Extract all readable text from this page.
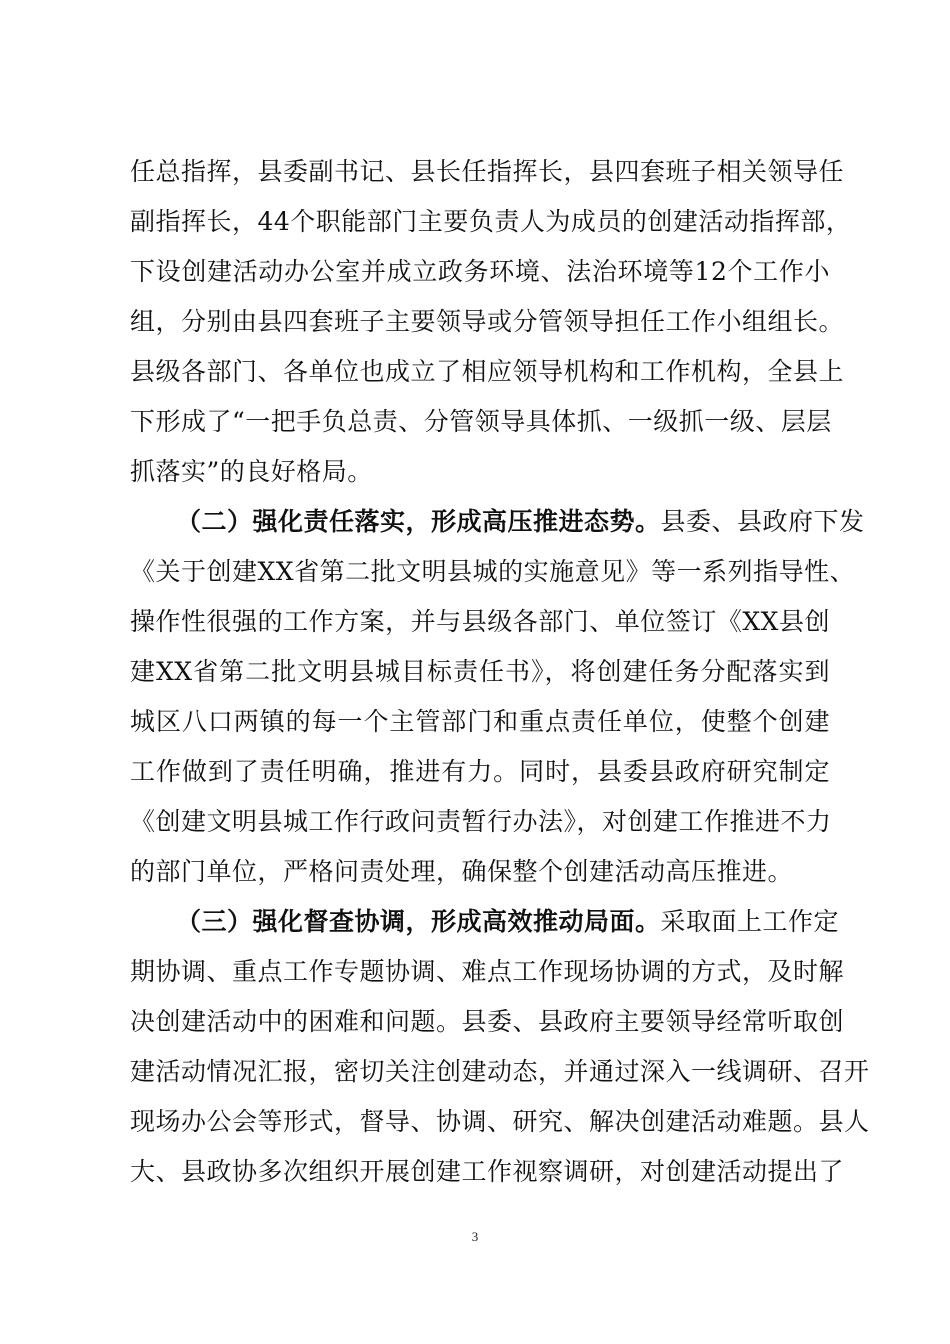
任总指挥，县委副书记、县长任指挥长，县四套班子相关领导任
副指挥长，44个职能部门主要负责人为成员的创建活动指挥部，
下设创建活动办公室并成立政务环境、法治环境等12个工作小
组，分别由县四套班子主要领导或分管领导担任工作小组组长。
县级各部门、各单位也成立了相应领导机构和工作机构，全县上
下形成了“一把手负总责、分管领导具体抓、一级抓一级、层层
抓落实”的良好格局。
（二）强化责任落实，形成高压推进态势。县委、县政府下发
《关于创建XX省第二批文明县城的实施意见》等一系列指导性、
操作性很强的工作方案，并与县级各部门、单位签订《XX县创
建XX省第二批文明县城目标责任书》，将创建任务分配落实到
城区八口两镇的每一个主管部门和重点责任单位，使整个创建
工作做到了责任明确，推进有力。同时，县委县政府研究制定
《创建文明县城工作行政问责暂行办法》，对创建工作推进不力
的部门单位，严格问责处理，确保整个创建活动高压推进。
（三）强化督查协调，形成高效推动局面。采取面上工作定
期协调、重点工作专题协调、难点工作现场协调的方式，及时解
决创建活动中的困难和问题。县委、县政府主要领导经常听取创
建活动情况汇报，密切关注创建动态，并通过深入一线调研、召开
现场办公会等形式，督导、协调、研究、解决创建活动难题。县人
大、县政协多次组织开展创建工作视察调研，对创建活动提出了
3
